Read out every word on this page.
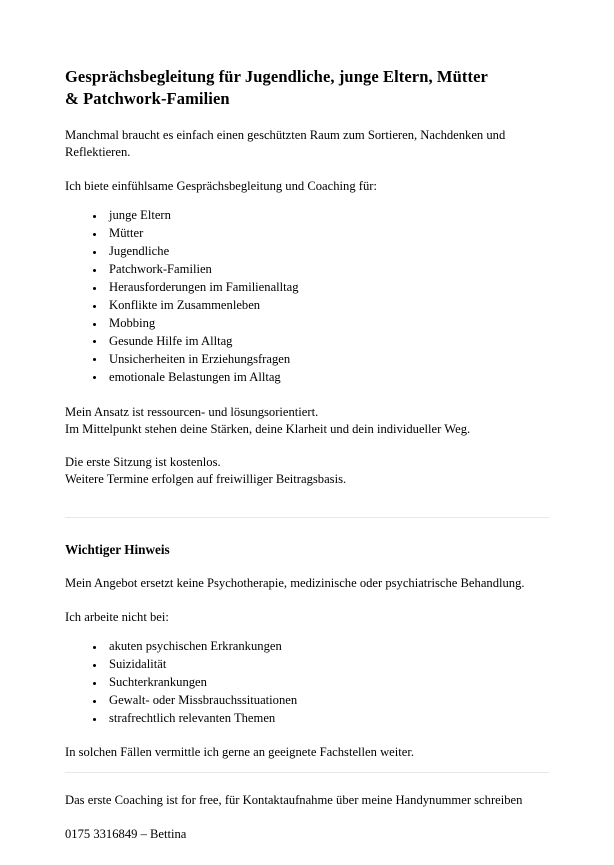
Gesprächsbegleitung für Jugendliche, junge Eltern, Mütter & Patchwork-Familien

Manchmal braucht es einfach einen geschützten Raum zum Sortieren, Nachdenken und Reflektieren.

Ich biete einfühlsame Gesprächsbegleitung und Coaching für:

junge Eltern
Mütter
Jugendliche
Patchwork-Familien
Herausforderungen im Familienalltag
Konflikte im Zusammenleben
Mobbing
Gesunde Hilfe im Alltag
Unsicherheiten in Erziehungsfragen
emotionale Belastungen im Alltag
Mein Ansatz ist ressourcen- und lösungsorientiert.
Im Mittelpunkt stehen deine Stärken, deine Klarheit und dein individueller Weg.
Die erste Sitzung ist kostenlos.
Weitere Termine erfolgen auf freiwilliger Beitragsbasis.
Wichtiger Hinweis

Mein Angebot ersetzt keine Psychotherapie, medizinische oder psychiatrische Behandlung.

Ich arbeite nicht bei:

akuten psychischen Erkrankungen
Suizidalität
Suchterkrankungen
Gewalt- oder Missbrauchssituationen
strafrechtlich relevanten Themen

In solchen Fällen vermittle ich gerne an geeignete Fachstellen weiter.

Das erste Coaching ist for free, für Kontaktaufnahme über meine Handynummer schreiben

0175 3316849 – Bettina
